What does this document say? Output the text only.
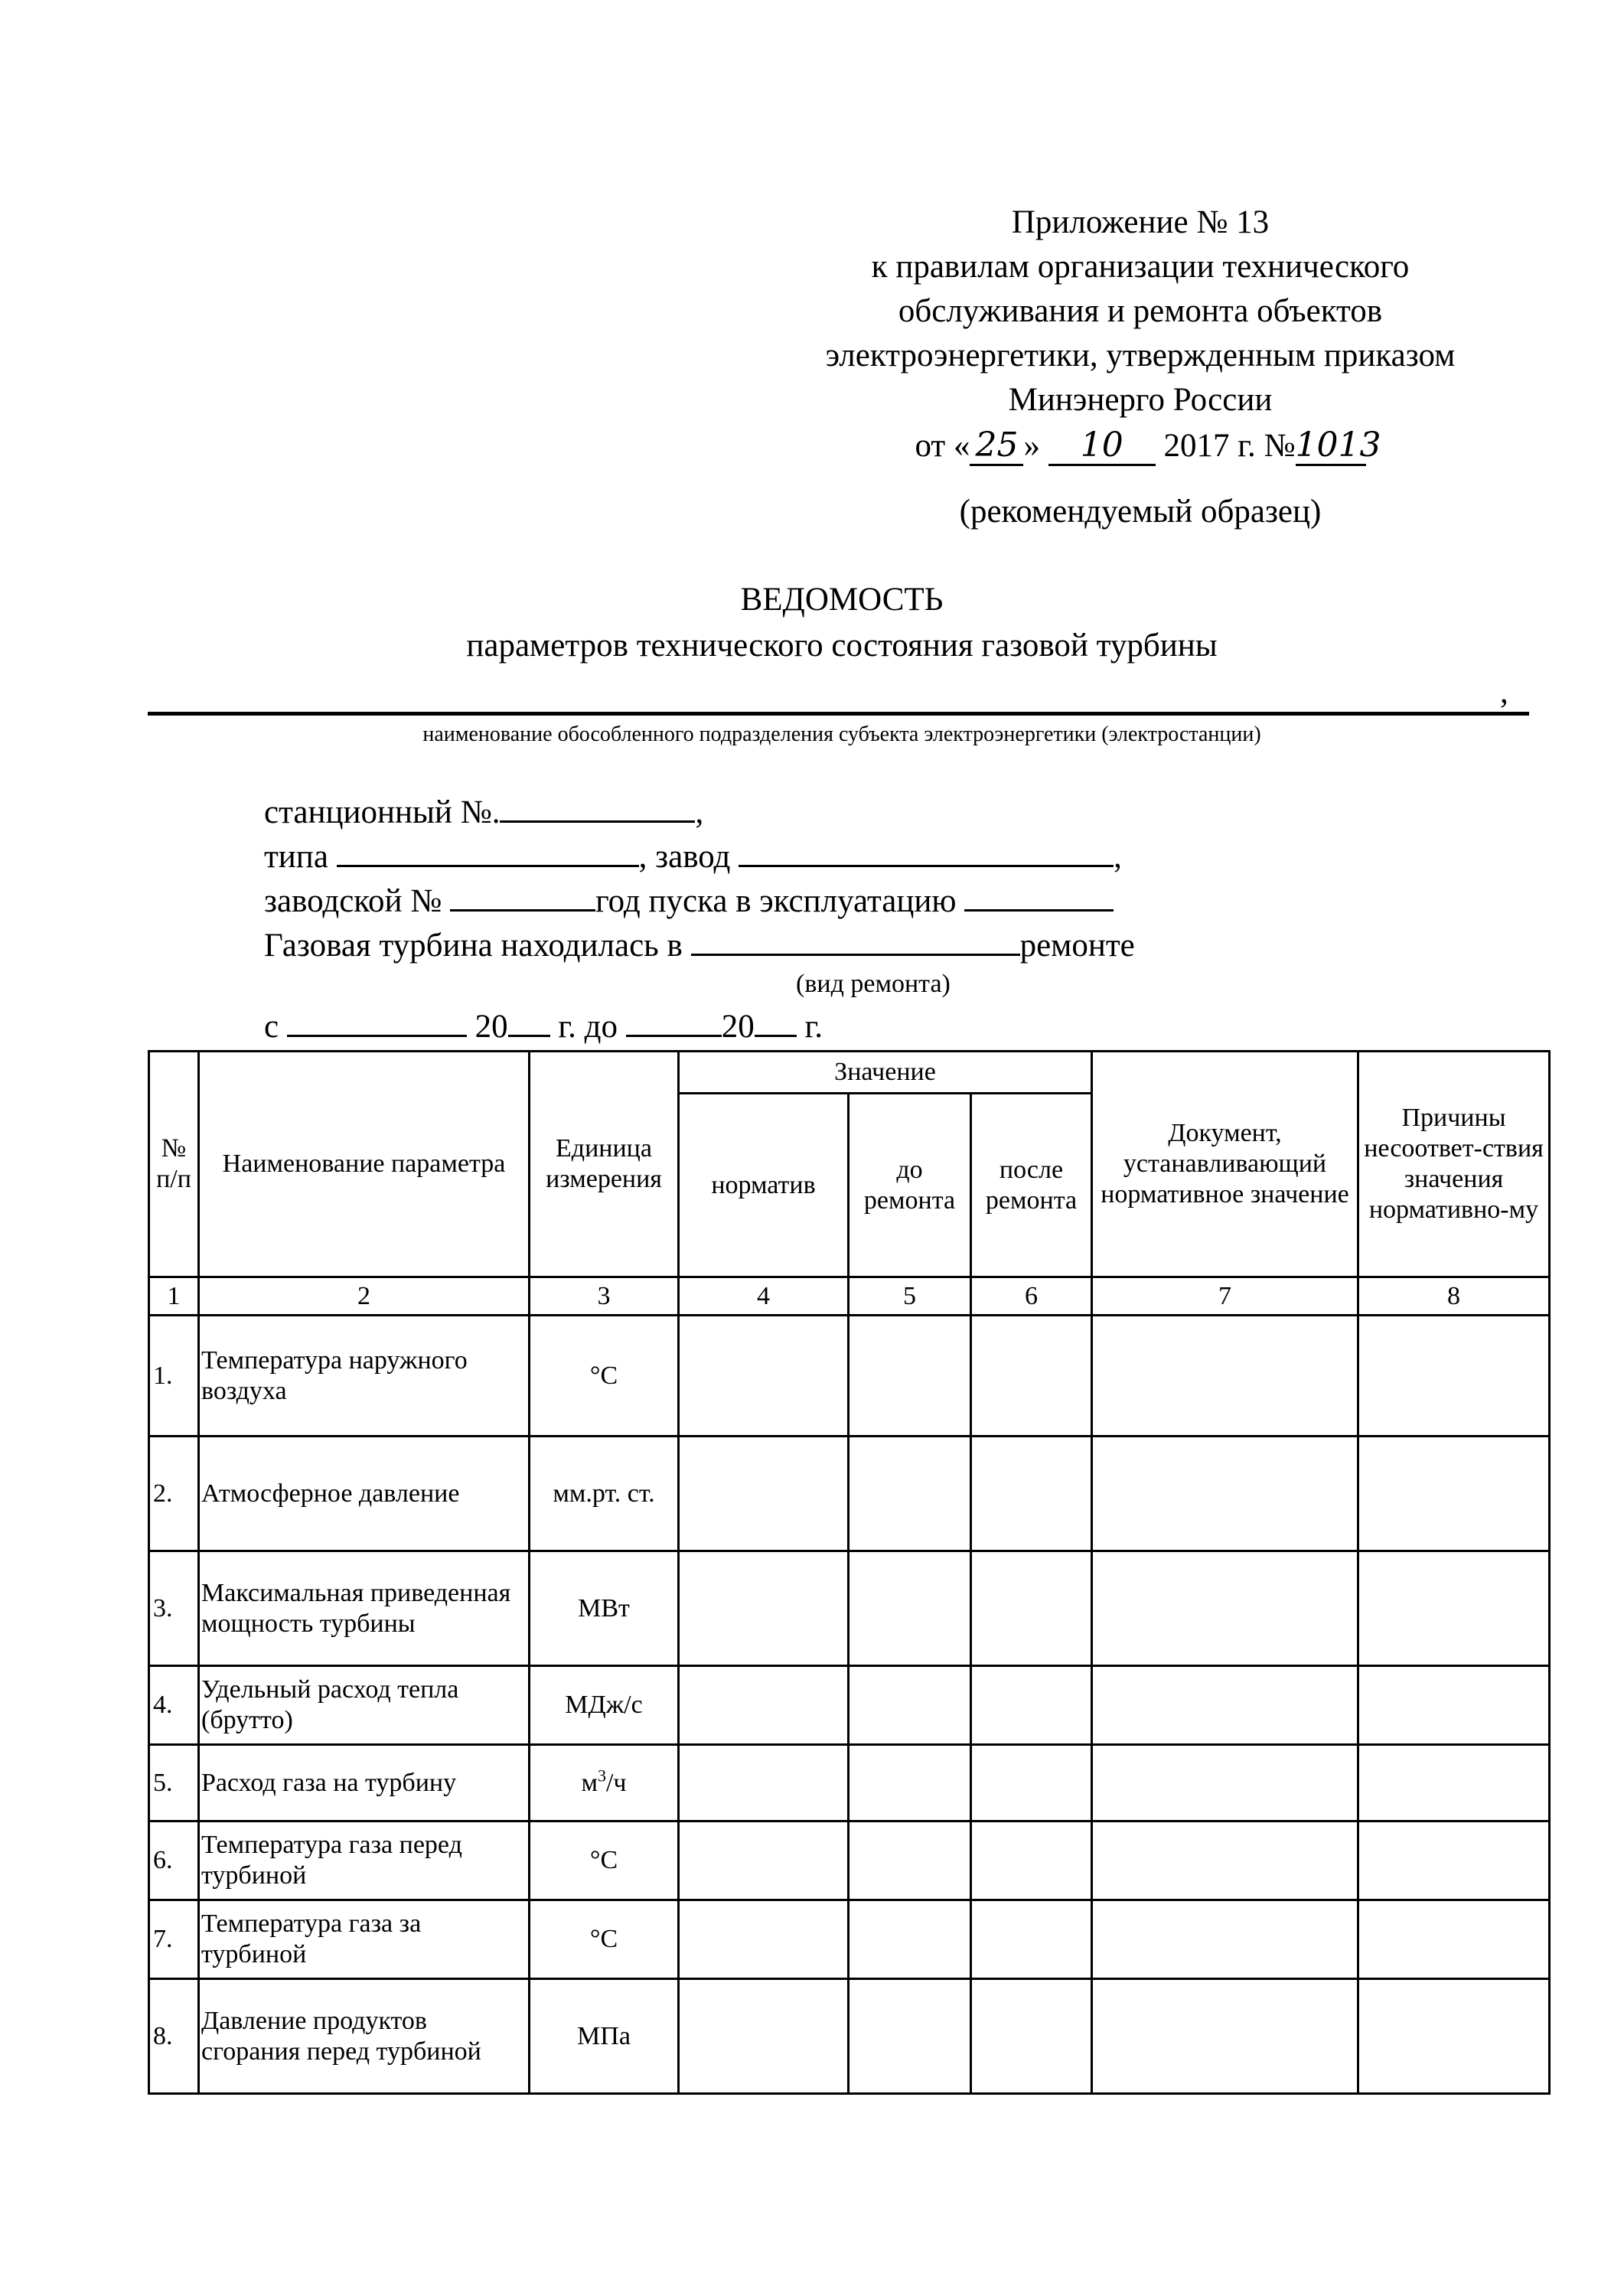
Приложение № 13
к правилам организации технического
обслуживания и ремонта объектов
электроэнергетики, утвержденным приказом
Минэнерго России
от « 25 » 10 2017 г. №1013
(рекомендуемый образец)
ВЕДОМОСТЬ
параметров технического состояния газовой турбины
,
наименование обособленного подразделения субъекта электроэнергетики (электростанции)
станционный №.	,
типа	, завод	,
заводской №	год пуска в эксплуатацию
Газовая турбина находилась в	ремонте
(вид ремонта)
с	20 г. до	20 г.
№ п/п	Наименование параметра	Единица измерения	Значение			Документ, устанавливающий нормативное значение	Причины несоответ-ствия значения нормативно-му
			норматив	до ремонта	после ремонта		
1	2	3	4	5	6	7	8
1.	Температура наружного воздуха	°C					
2.	Атмосферное давление	мм.рт. ст.					
3.	Максимальная приведенная мощность турбины	МВт					
4.	Удельный расход тепла (брутто)	МДж/с					
5.	Расход газа на турбину	$м^3/ч$					
6.	Температура газа перед турбиной	°C					
7.	Температура газа за турбиной	°C					
8.	Давление продуктов сгорания перед турбиной	МПа					
